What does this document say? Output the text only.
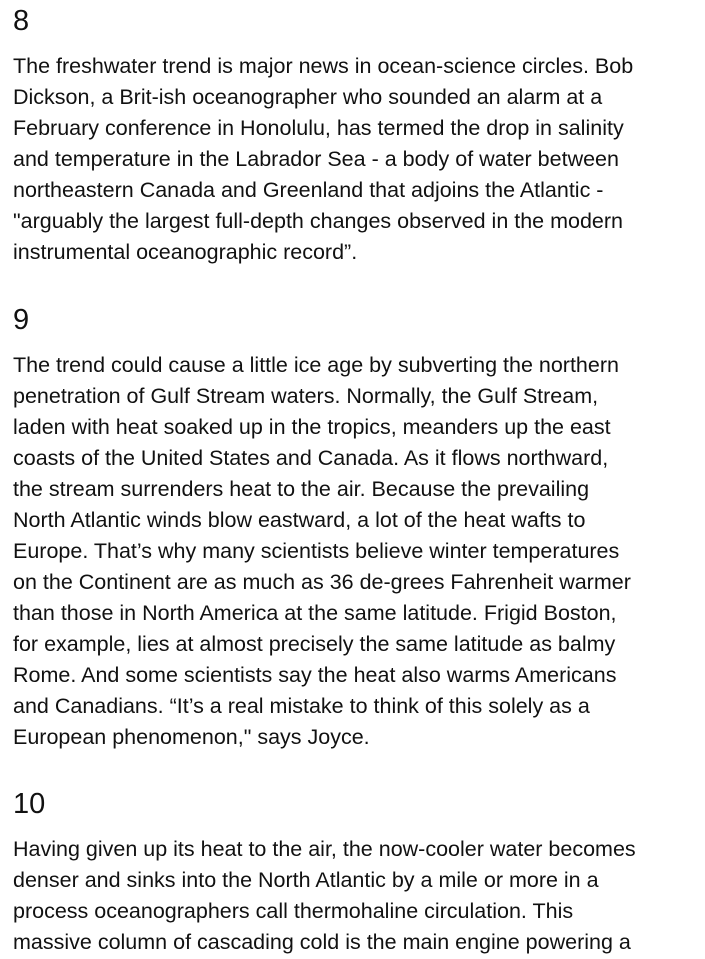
8

The freshwater trend is major news in ocean-science circles. Bob
Dickson, a Brit-ish oceanographer who sounded an alarm at a
February conference in Honolulu, has termed the drop in salinity
and temperature in the Labrador Sea - a body of water between
northeastern Canada and Greenland that adjoins the Atlantic -
"arguably the largest full-depth changes observed in the modern
instrumental oceanographic record”.

9

The trend could cause a little ice age by subverting the northern
penetration of Gulf Stream waters. Normally, the Gulf Stream,
laden with heat soaked up in the tropics, meanders up the east
coasts of the United States and Canada. As it flows northward,
the stream surrenders heat to the air. Because the prevailing
North Atlantic winds blow eastward, a lot of the heat wafts to
Europe. That’s why many scientists believe winter temperatures
on the Continent are as much as 36 de-grees Fahrenheit warmer
than those in North America at the same latitude. Frigid Boston,
for example, lies at almost precisely the same latitude as balmy
Rome. And some scientists say the heat also warms Americans
and Canadians. “It’s a real mistake to think of this solely as a
European phenomenon," says Joyce.

10

Having given up its heat to the air, the now-cooler water becomes
denser and sinks into the North Atlantic by a mile or more in a
process oceanographers call thermohaline circulation. This
massive column of cascading cold is the main engine powering a
